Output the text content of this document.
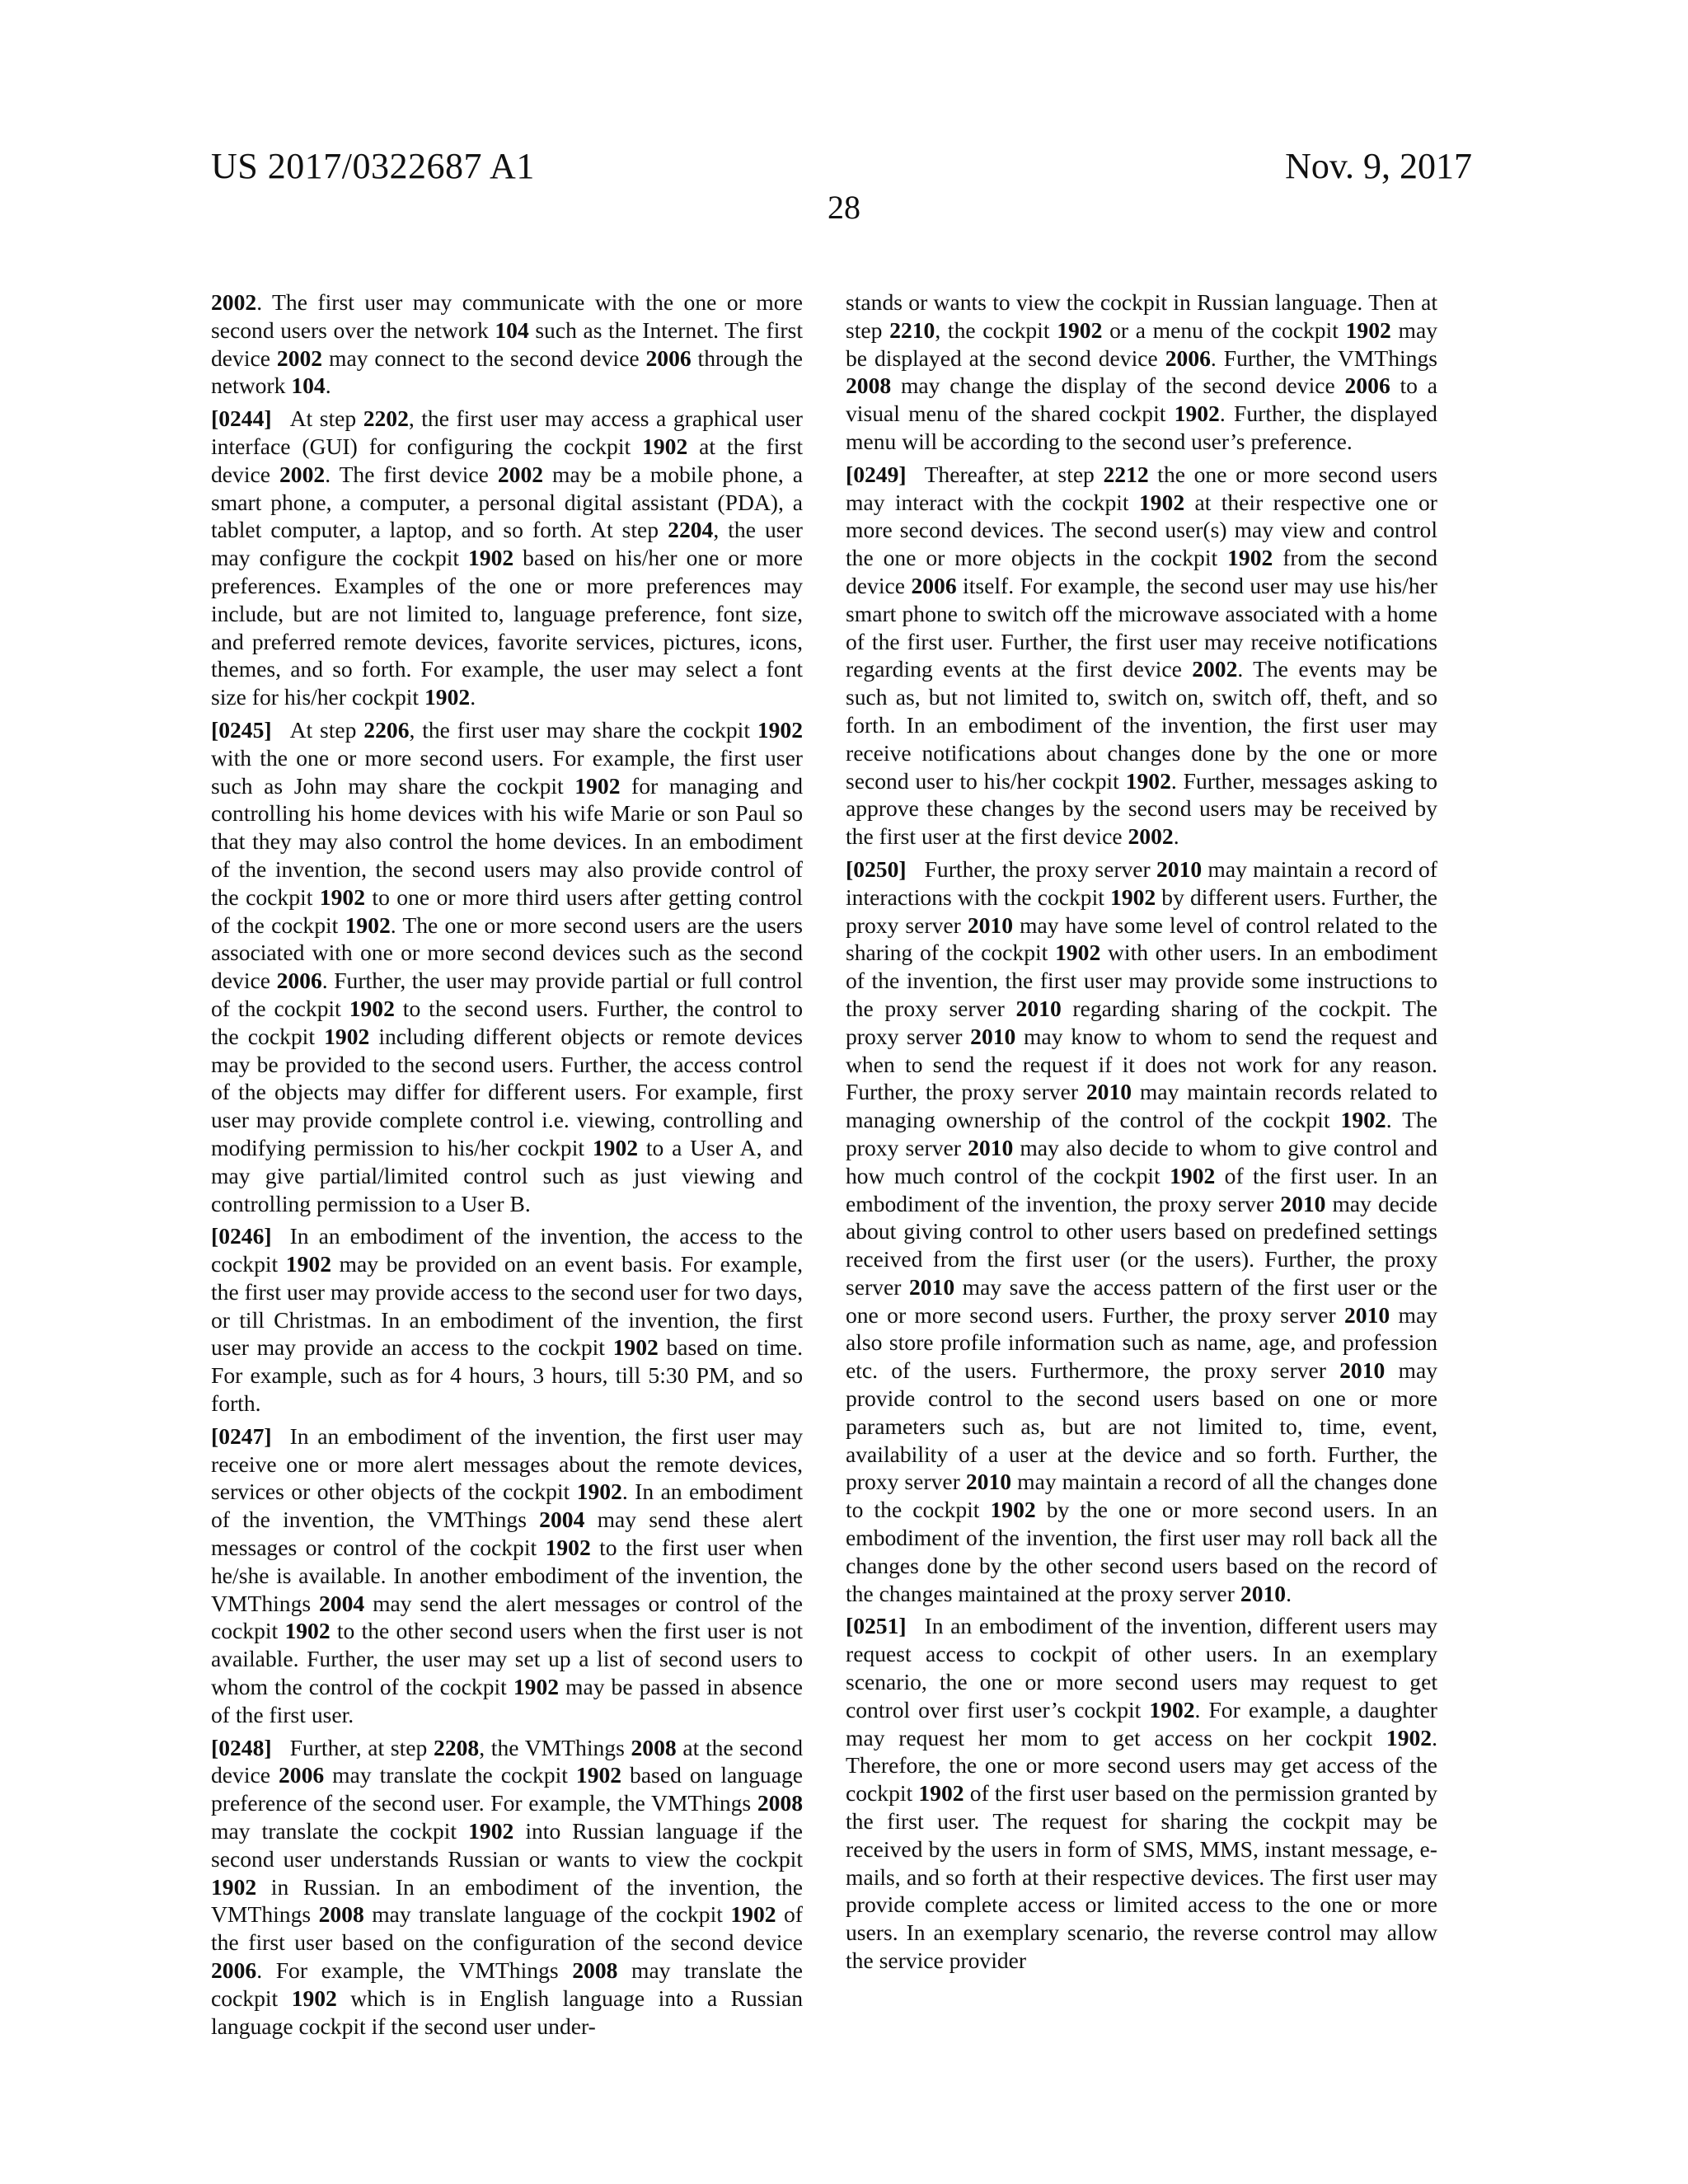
US 2017/0322687 A1	Nov. 9, 2017
28

2002. The first user may communicate with the one or more second users over the network 104 such as the Internet. The first device 2002 may connect to the second device 2006 through the network 104.

[0244] At step 2202, the first user may access a graphical user interface (GUI) for configuring the cockpit 1902 at the first device 2002. The first device 2002 may be a mobile phone, a smart phone, a computer, a personal digital assistant (PDA), a tablet computer, a laptop, and so forth. At step 2204, the user may configure the cockpit 1902 based on his/her one or more preferences. Examples of the one or more preferences may include, but are not limited to, language preference, font size, and preferred remote devices, favorite services, pictures, icons, themes, and so forth. For example, the user may select a font size for his/her cockpit 1902.

[0245] At step 2206, the first user may share the cockpit 1902 with the one or more second users. For example, the first user such as John may share the cockpit 1902 for managing and controlling his home devices with his wife Marie or son Paul so that they may also control the home devices. In an embodiment of the invention, the second users may also provide control of the cockpit 1902 to one or more third users after getting control of the cockpit 1902. The one or more second users are the users associated with one or more second devices such as the second device 2006. Further, the user may provide partial or full control of the cockpit 1902 to the second users. Further, the control to the cockpit 1902 including different objects or remote devices may be provided to the second users. Further, the access control of the objects may differ for different users. For example, first user may provide complete control i.e. viewing, controlling and modifying permission to his/her cockpit 1902 to a User A, and may give partial/limited control such as just viewing and controlling permission to a User B.

[0246] In an embodiment of the invention, the access to the cockpit 1902 may be provided on an event basis. For example, the first user may provide access to the second user for two days, or till Christmas. In an embodiment of the invention, the first user may provide an access to the cockpit 1902 based on time. For example, such as for 4 hours, 3 hours, till 5:30 PM, and so forth.

[0247] In an embodiment of the invention, the first user may receive one or more alert messages about the remote devices, services or other objects of the cockpit 1902. In an embodiment of the invention, the VMThings 2004 may send these alert messages or control of the cockpit 1902 to the first user when he/she is available. In another embodiment of the invention, the VMThings 2004 may send the alert messages or control of the cockpit 1902 to the other second users when the first user is not available. Further, the user may set up a list of second users to whom the control of the cockpit 1902 may be passed in absence of the first user.

[0248] Further, at step 2208, the VMThings 2008 at the second device 2006 may translate the cockpit 1902 based on language preference of the second user. For example, the VMThings 2008 may translate the cockpit 1902 into Russian language if the second user understands Russian or wants to view the cockpit 1902 in Russian. In an embodiment of the invention, the VMThings 2008 may translate language of the cockpit 1902 of the first user based on the configuration of the second device 2006. For example, the VMThings 2008 may translate the cockpit 1902 which is in English language into a Russian language cockpit if the second user under-

stands or wants to view the cockpit in Russian language. Then at step 2210, the cockpit 1902 or a menu of the cockpit 1902 may be displayed at the second device 2006. Further, the VMThings 2008 may change the display of the second device 2006 to a visual menu of the shared cockpit 1902. Further, the displayed menu will be according to the second user’s preference.

[0249] Thereafter, at step 2212 the one or more second users may interact with the cockpit 1902 at their respective one or more second devices. The second user(s) may view and control the one or more objects in the cockpit 1902 from the second device 2006 itself. For example, the second user may use his/her smart phone to switch off the microwave associated with a home of the first user. Further, the first user may receive notifications regarding events at the first device 2002. The events may be such as, but not limited to, switch on, switch off, theft, and so forth. In an embodiment of the invention, the first user may receive notifications about changes done by the one or more second user to his/her cockpit 1902. Further, messages asking to approve these changes by the second users may be received by the first user at the first device 2002.

[0250] Further, the proxy server 2010 may maintain a record of interactions with the cockpit 1902 by different users. Further, the proxy server 2010 may have some level of control related to the sharing of the cockpit 1902 with other users. In an embodiment of the invention, the first user may provide some instructions to the proxy server 2010 regarding sharing of the cockpit. The proxy server 2010 may know to whom to send the request and when to send the request if it does not work for any reason. Further, the proxy server 2010 may maintain records related to managing ownership of the control of the cockpit 1902. The proxy server 2010 may also decide to whom to give control and how much control of the cockpit 1902 of the first user. In an embodiment of the invention, the proxy server 2010 may decide about giving control to other users based on predefined settings received from the first user (or the users). Further, the proxy server 2010 may save the access pattern of the first user or the one or more second users. Further, the proxy server 2010 may also store profile information such as name, age, and profession etc. of the users. Furthermore, the proxy server 2010 may provide control to the second users based on one or more parameters such as, but are not limited to, time, event, availability of a user at the device and so forth. Further, the proxy server 2010 may maintain a record of all the changes done to the cockpit 1902 by the one or more second users. In an embodiment of the invention, the first user may roll back all the changes done by the other second users based on the record of the changes maintained at the proxy server 2010.

[0251] In an embodiment of the invention, different users may request access to cockpit of other users. In an exemplary scenario, the one or more second users may request to get control over first user’s cockpit 1902. For example, a daughter may request her mom to get access on her cockpit 1902. Therefore, the one or more second users may get access of the cockpit 1902 of the first user based on the permission granted by the first user. The request for sharing the cockpit may be received by the users in form of SMS, MMS, instant message, e-mails, and so forth at their respective devices. The first user may provide complete access or limited access to the one or more users. In an exemplary scenario, the reverse control may allow the service provider
